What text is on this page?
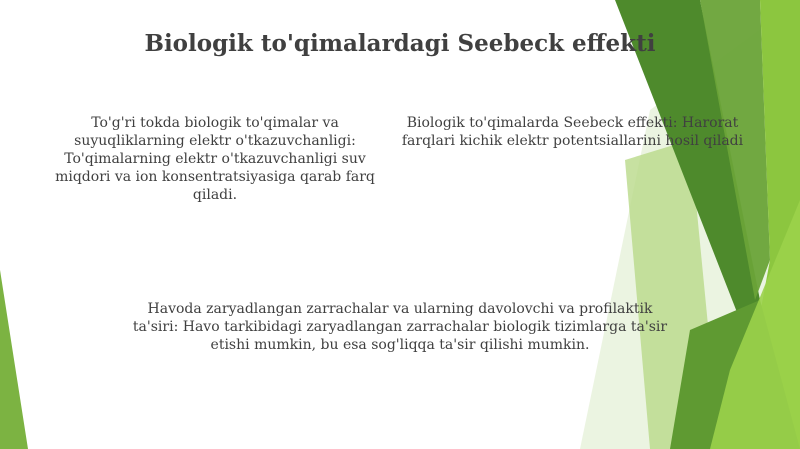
Biologik to'qimalardagi Seebeck effekti

To'g'ri tokda biologik to'qimalar va suyuqliklarning elektr o'tkazuvchanligi: To'qimalarning elektr o'tkazuvchanligi suv miqdori va ion konsentratsiyasiga qarab farq qiladi.

Biologik to'qimalarda Seebeck effekti: Harorat farqlari kichik elektr potentsiallarini hosil qiladi

Havoda zaryadlangan zarrachalar va ularning davolovchi va profilaktik ta'siri: Havo tarkibidagi zaryadlangan zarrachalar biologik tizimlarga ta'sir etishi mumkin, bu esa sog'liqqa ta'sir qilishi mumkin.
